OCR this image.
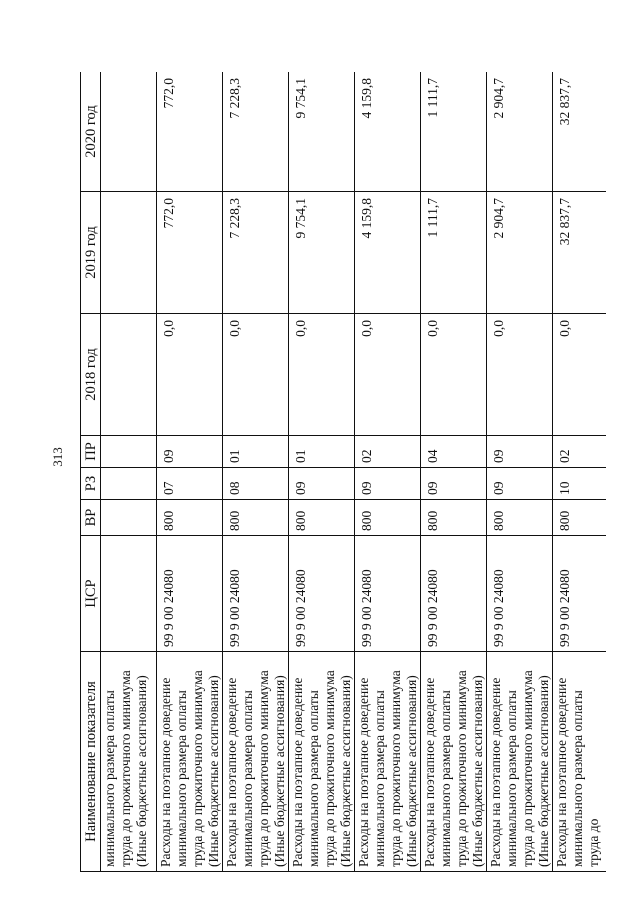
313
Наименование показателя	ЦСР	ВР	РЗ	ПР	2018 год	2019 год	2020 год
минимального размера оплаты труда до прожиточного минимума (Иные бюджетные ассигнования)							
Расходы на поэтапное доведение минимального размера оплаты труда до прожиточного минимума (Иные бюджетные ассигнования)	99 9 00 24080	800	07	09	0,0	772,0	772,0
Расходы на поэтапное доведение минимального размера оплаты труда до прожиточного минимума (Иные бюджетные ассигнования)	99 9 00 24080	800	08	01	0,0	7 228,3	7 228,3
Расходы на поэтапное доведение минимального размера оплаты труда до прожиточного минимума (Иные бюджетные ассигнования)	99 9 00 24080	800	09	01	0,0	9 754,1	9 754,1
Расходы на поэтапное доведение минимального размера оплаты труда до прожиточного минимума (Иные бюджетные ассигнования)	99 9 00 24080	800	09	02	0,0	4 159,8	4 159,8
Расходы на поэтапное доведение минимального размера оплаты труда до прожиточного минимума (Иные бюджетные ассигнования)	99 9 00 24080	800	09	04	0,0	1 111,7	1 111,7
Расходы на поэтапное доведение минимального размера оплаты труда до прожиточного минимума (Иные бюджетные ассигнования)	99 9 00 24080	800	09	09	0,0	2 904,7	2 904,7
Расходы на поэтапное доведение минимального размера оплаты труда до	99 9 00 24080	800	10	02	0,0	32 837,7	32 837,7
